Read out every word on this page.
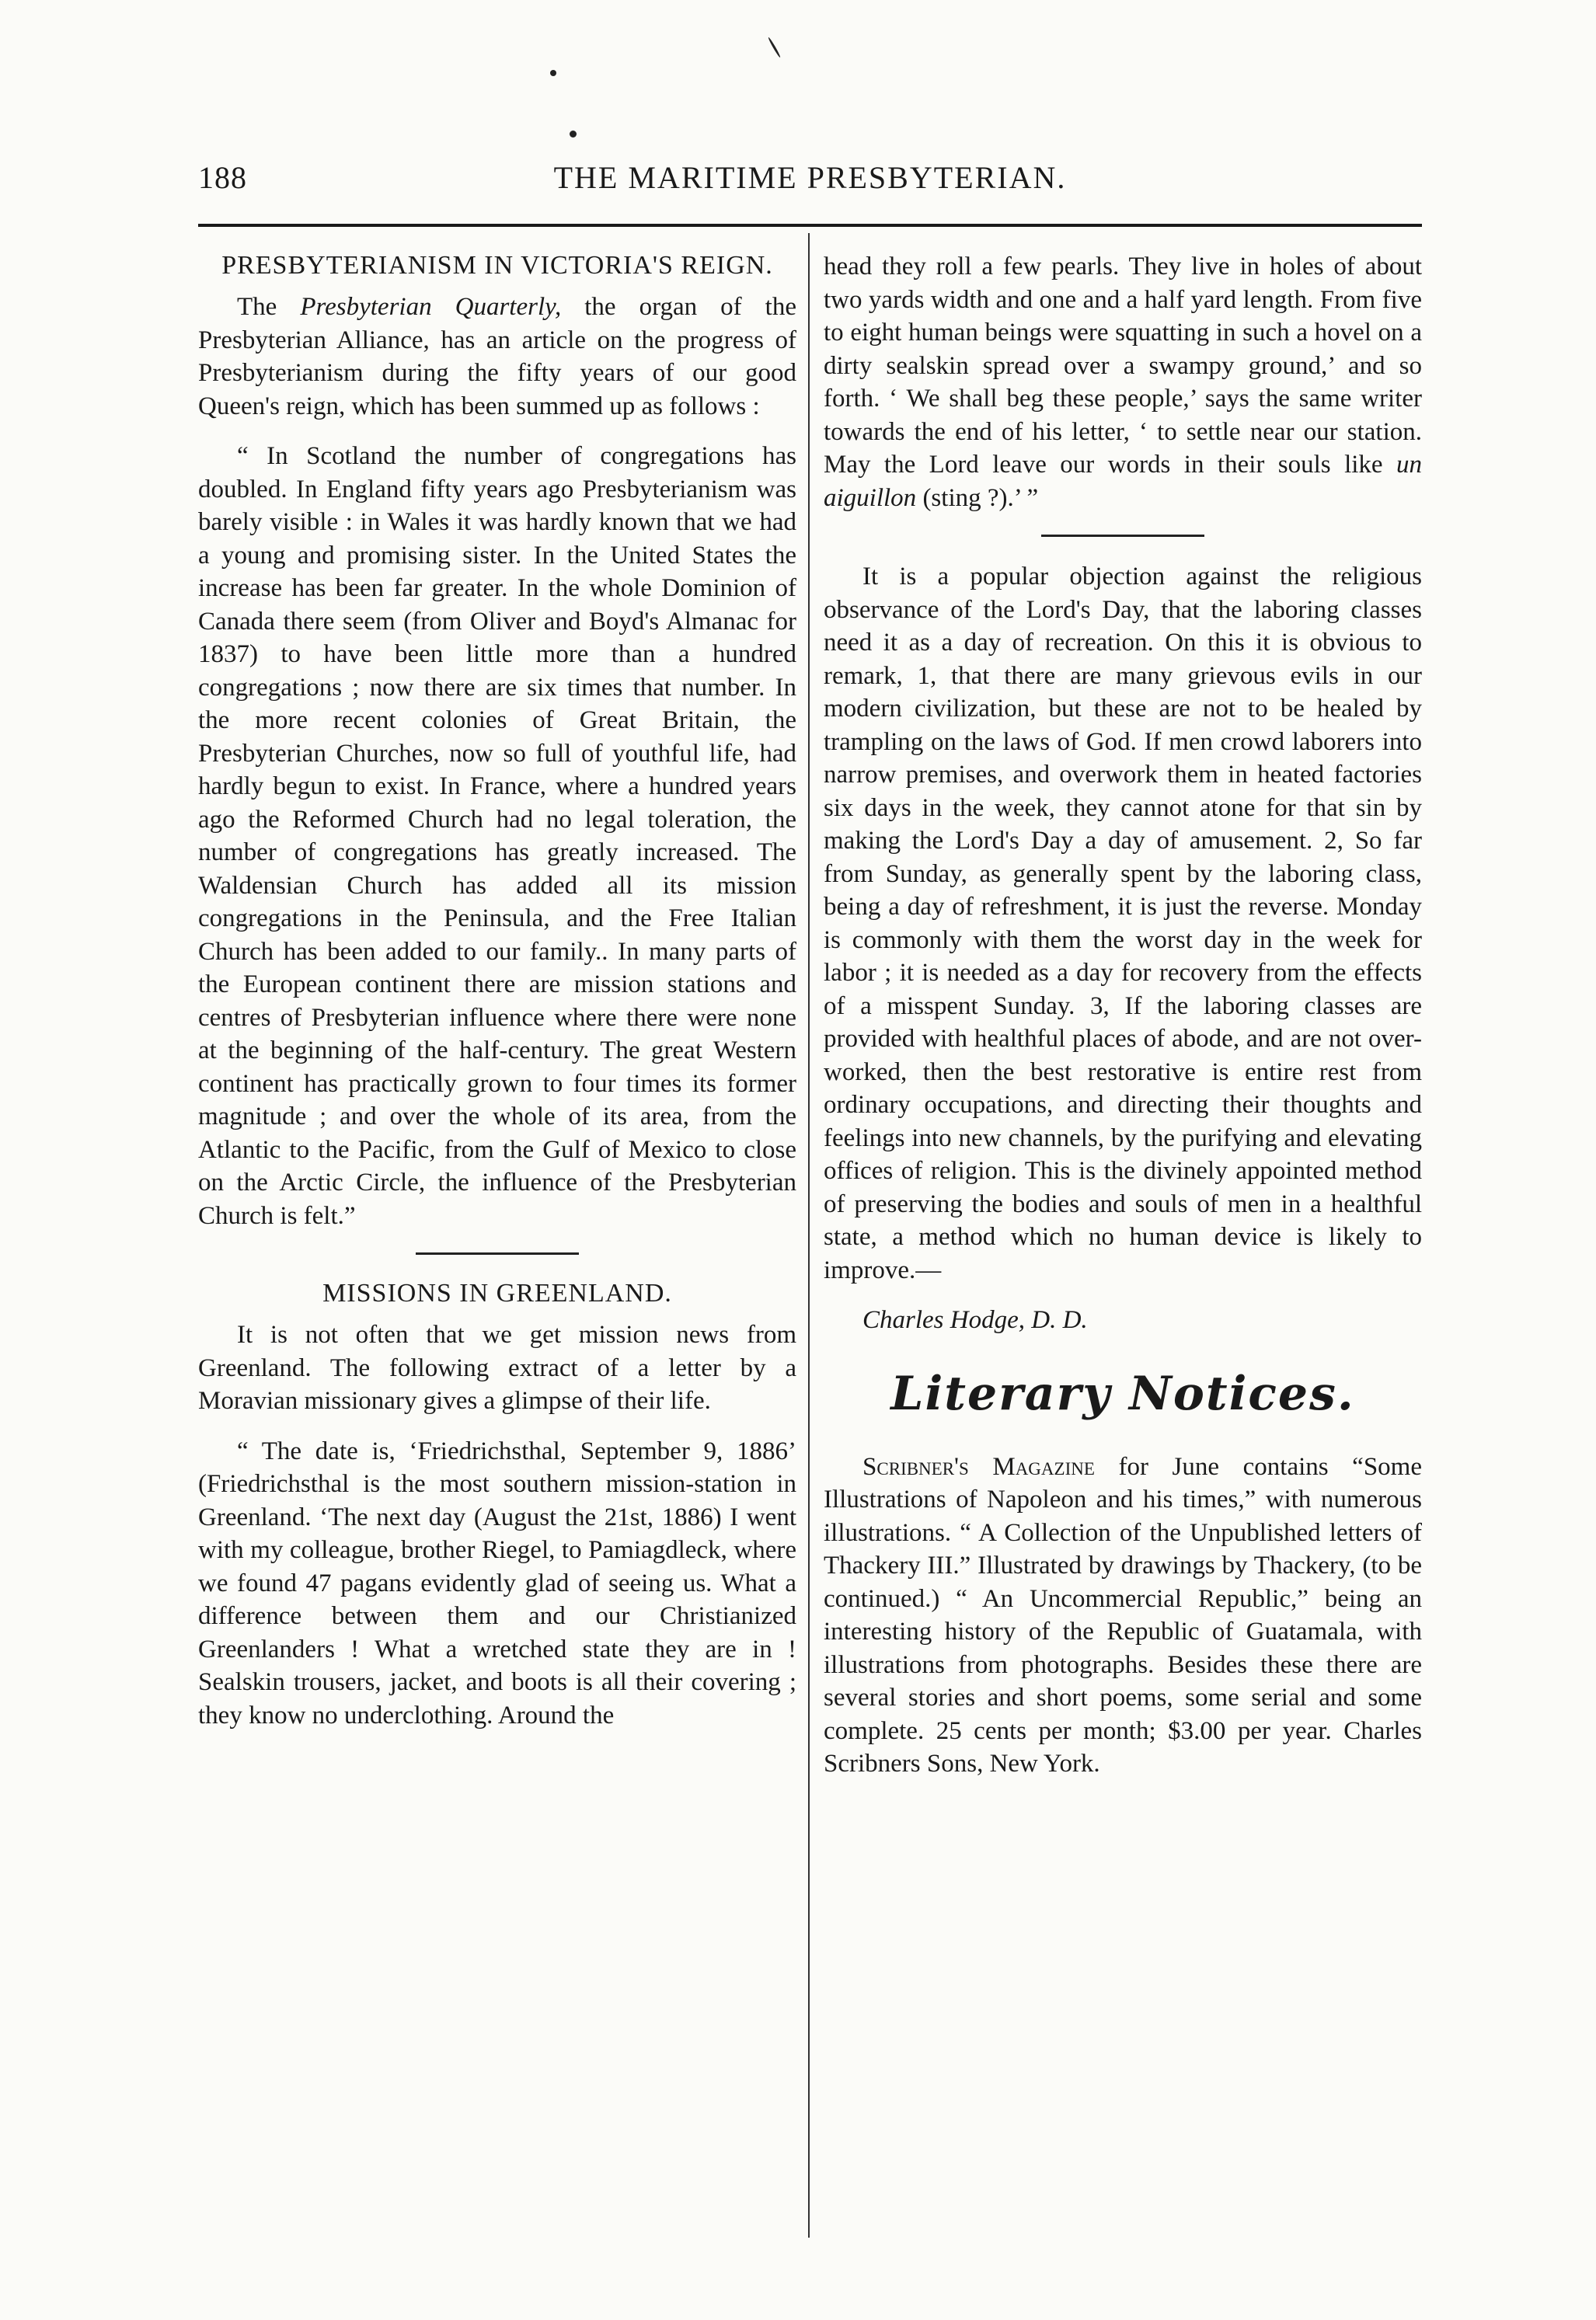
188	THE MARITIME PRESBYTERIAN.
PRESBYTERIANISM IN VICTORIA'S REIGN.

The Presbyterian Quarterly, the organ of the Presbyterian Alliance, has an article on the progress of Presbyterianism during the fifty years of our good Queen's reign, which has been summed up as follows :

“ In Scotland the number of congregations has doubled. In England fifty years ago Presbyterianism was barely visible : in Wales it was hardly known that we had a young and promising sister. In the United States the increase has been far greater. In the whole Dominion of Canada there seem (from Oliver and Boyd's Almanac for 1837) to have been little more than a hundred congregations ; now there are six times that number. In the more recent colonies of Great Britain, the Presbyterian Churches, now so full of youthful life, had hardly begun to exist. In France, where a hundred years ago the Reformed Church had no legal toleration, the number of congregations has greatly increased. The Waldensian Church has added all its mission congregations in the Peninsula, and the Free Italian Church has been added to our family.. In many parts of the European continent there are mission stations and centres of Presbyterian influence where there were none at the beginning of the half-century. The great Western continent has practically grown to four times its former magnitude ; and over the whole of its area, from the Atlantic to the Pacific, from the Gulf of Mexico to close on the Arctic Circle, the influence of the Presbyterian Church is felt.”

MISSIONS IN GREENLAND.

It is not often that we get mission news from Greenland. The following extract of a letter by a Moravian missionary gives a glimpse of their life.

“ The date is, ‘Friedrichsthal, September 9, 1886’ (Friedrichsthal is the most southern mission-station in Greenland. ‘The next day (August the 21st, 1886) I went with my colleague, brother Riegel, to Pamiagdleck, where we found 47 pagans evidently glad of seeing us. What a difference between them and our Christianized Greenlanders ! What a wretched state they are in ! Sealskin trousers, jacket, and boots is all their covering ; they know no underclothing. Around the

head they roll a few pearls. They live in holes of about two yards width and one and a half yard length. From five to eight human beings were squatting in such a hovel on a dirty sealskin spread over a swampy ground,’ and so forth. ‘ We shall beg these people,’ says the same writer towards the end of his letter, ‘ to settle near our station. May the Lord leave our words in their souls like un aiguillon (sting ?).’ ”

It is a popular objection against the religious observance of the Lord's Day, that the laboring classes need it as a day of recreation. On this it is obvious to remark, 1, that there are many grievous evils in our modern civilization, but these are not to be healed by trampling on the laws of God. If men crowd laborers into narrow premises, and overwork them in heated factories six days in the week, they cannot atone for that sin by making the Lord's Day a day of amusement. 2, So far from Sunday, as generally spent by the laboring class, being a day of refreshment, it is just the reverse. Monday is commonly with them the worst day in the week for labor ; it is needed as a day for recovery from the effects of a misspent Sunday. 3, If the laboring classes are provided with healthful places of abode, and are not over-worked, then the best restorative is entire rest from ordinary occupations, and directing their thoughts and feelings into new channels, by the purifying and elevating offices of religion. This is the divinely appointed method of preserving the bodies and souls of men in a healthful state, a method which no human device is likely to improve.—

Charles Hodge, D. D.

Literary Notices.

Scribner's Magazine for June contains “Some Illustrations of Napoleon and his times,” with numerous illustrations. “ A Collection of the Unpublished letters of Thackery III.” Illustrated by drawings by Thackery, (to be continued.) “ An Uncommercial Republic,” being an interesting history of the Republic of Guatamala, with illustrations from photographs. Besides these there are several stories and short poems, some serial and some complete. 25 cents per month; $3.00 per year. Charles Scribners Sons, New York.
